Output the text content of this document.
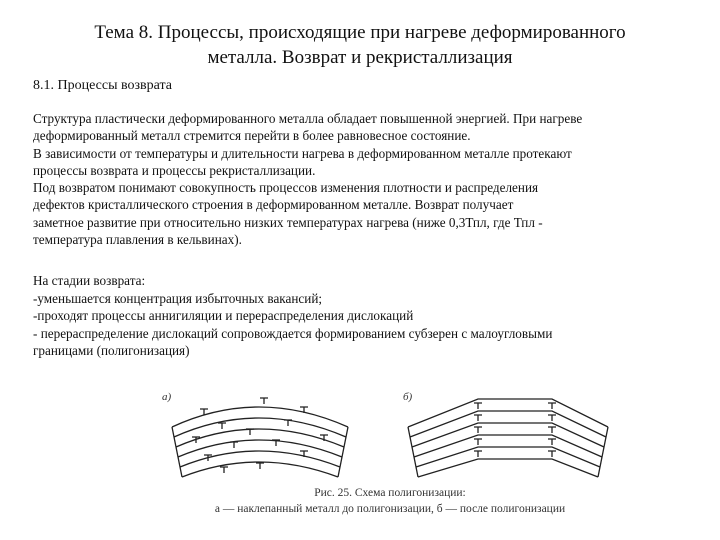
Тема 8. Процессы, происходящие при нагреве деформированного
металла. Возврат и рекристаллизация
8.1. Процессы возврата
Структура пластически деформированного металла обладает повышенной энергией. При нагреве
деформированный металл стремится перейти в более равновесное состояние.
В зависимости от температуры и длительности нагрева в деформированном металле протекают
процессы возврата и процессы рекристаллизации.
Под возвратом понимают совокупность процессов изменения плотности и распределения
дефектов кристаллического строения в деформированном металле. Возврат получает
заметное развитие при относительно низких температурах нагрева (ниже 0,3Тпл, где Тпл -
температура плавления в кельвинах).
На стадии возврата:
-уменьшается концентрация избыточных вакансий;
-проходят процессы аннигиляции и перераспределения дислокаций
- перераспределение дислокаций сопровождается формированием субзерен с малоугловыми
границами (полигонизация)
а)	б)
Рис. 25. Схема полигонизации:
а — наклепанный металл до полигонизации, б — после полигонизации
